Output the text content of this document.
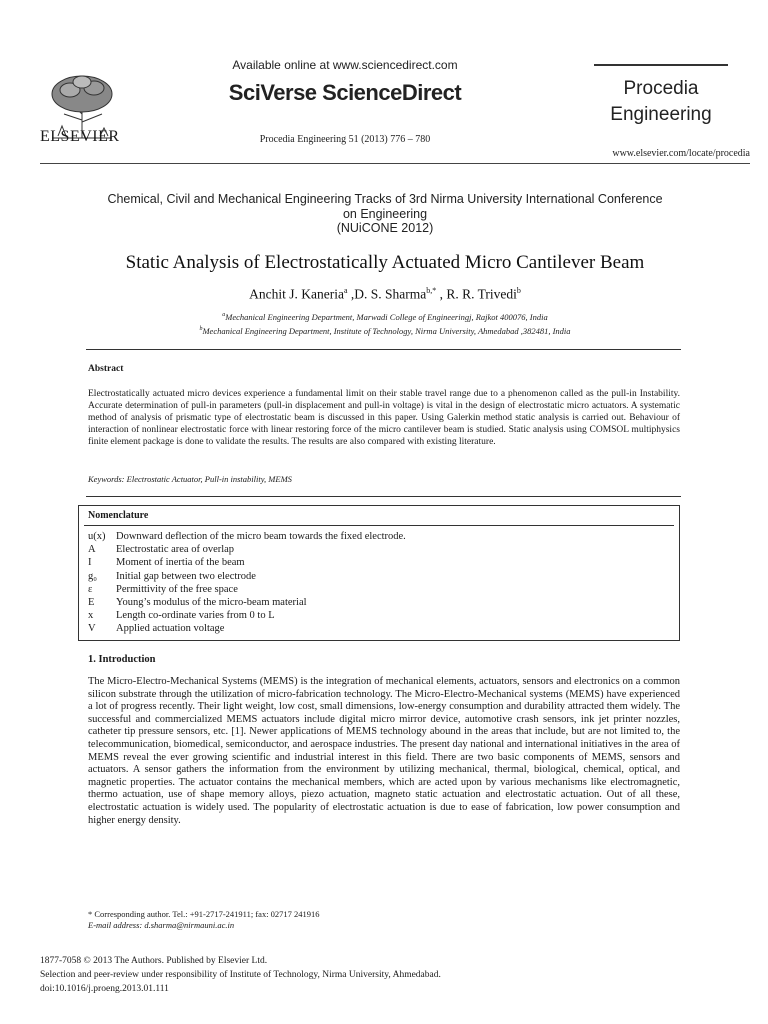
ELSEVIER
Available online at www.sciencedirect.com
SciVerse ScienceDirect
Procedia Engineering 51 (2013) 776 – 780
Procedia
Engineering
www.elsevier.com/locate/procedia
Chemical, Civil and Mechanical Engineering Tracks of 3rd Nirma University International Conference
on Engineering
(NUiCONE 2012)
Static Analysis of Electrostatically Actuated Micro Cantilever Beam
Anchit J. Kaneria$^a$ ,D. S. Sharma$^{b,*}$ , R. R. Trivedi$^b$
$^a$Mechanical Engineering Department, Marwadi College of Engineeringj, Rajkot 400076, India
$^b$Mechanical Engineering Department, Institute of Technology, Nirma University, Ahmedabad ,382481, India
Abstract
Electrostatically actuated micro devices experience a fundamental limit on their stable travel range due to a phenomenon called as the pull-in Instability. Accurate determination of pull-in parameters (pull-in displacement and pull-in voltage) is vital in the design of electrostatic micro actuators. A systematic method of analysis of prismatic type of electrostatic beam is discussed in this paper. Using Galerkin method static analysis is carried out. Behaviour of interaction of nonlinear electrostatic force with linear restoring force of the micro cantilever beam is studied. Static analysis using COMSOL multiphysics finite element package is done to validate the results. The results are also compared with existing literature.
Keywords: Electrostatic Actuator, Pull-in instability, MEMS
Nomenclature
u(x)	Downward deflection of the micro beam towards the fixed electrode.
A	Electrostatic area of overlap
I	Moment of inertia of the beam
g₀	Initial gap between two electrode
ε	Permittivity of the free space
E	Young’s modulus of the micro-beam material
x	Length co-ordinate varies from 0 to L
V	Applied actuation voltage
1. Introduction
The Micro-Electro-Mechanical Systems (MEMS) is the integration of mechanical elements, actuators, sensors and electronics on a common silicon substrate through the utilization of micro-fabrication technology. The Micro-Electro-Mechanical systems (MEMS) have experienced a lot of progress recently. Their light weight, low cost, small dimensions, low-energy consumption and durability attracted them widely. The successful and commercialized MEMS actuators include digital micro mirror device, automotive crash sensors, ink jet printer nozzles, catheter tip pressure sensors, etc. [1]. Newer applications of MEMS technology abound in the areas that include, but are not limited to, the telecommunication, biomedical, semiconductor, and aerospace industries. The present day national and international initiatives in the area of MEMS reveal the ever growing scientific and industrial interest in this field. There are two basic components of MEMS, sensors and actuators. A sensor gathers the information from the environment by utilizing mechanical, thermal, biological, chemical, optical, and magnetic properties. The actuator contains the mechanical members, which are acted upon by various mechanisms like electromagnetic, thermo actuation, use of shape memory alloys, piezo actuation, magneto static actuation and electrostatic actuation. Out of all these, electrostatic actuation is widely used. The popularity of electrostatic actuation is due to ease of fabrication, low power consumption and higher energy density.
* Corresponding author. Tel.: +91-2717-241911; fax: 02717 241916
E-mail address: d.sharma@nirmauni.ac.in
1877-7058 © 2013 The Authors. Published by Elsevier Ltd.
Selection and peer-review under responsibility of Institute of Technology, Nirma University, Ahmedabad.
doi:10.1016/j.proeng.2013.01.111
